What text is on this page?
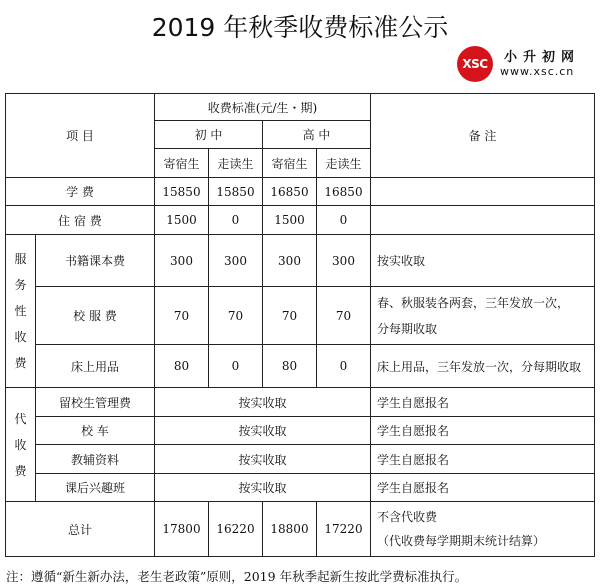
2019 年秋季收费标准公示
XSC	小升初网
www.xsc.cn
项 目		收费标准(元/生・期)				备 注
		初 中		高 中		
		寄宿生	走读生	寄宿生	走读生	
学 费		15850	15850	16850	16850	
住 宿 费		1500	0	1500	0	

服
务
性
收
费	书籍课本费	300	300	300	300	按实收取
	校 服 费	70	70	70	70	春、秋服装各两套，三年发放一次，
分每期收取

	床上用品	80	0	80	0	床上用品，三年发放一次，分每期收取

代
收
费	留校生管理费	按实收取				学生自愿报名
	校 车	按实收取				学生自愿报名
	教辅资料	按实收取				学生自愿报名
	课后兴趣班	按实收取				学生自愿报名
总计		17800	16220	18800	17220	不含代收费
（代收费每学期期末统计结算）
注：遵循“新生新办法，老生老政策”原则，2019 年秋季起新生按此学费标准执行。
